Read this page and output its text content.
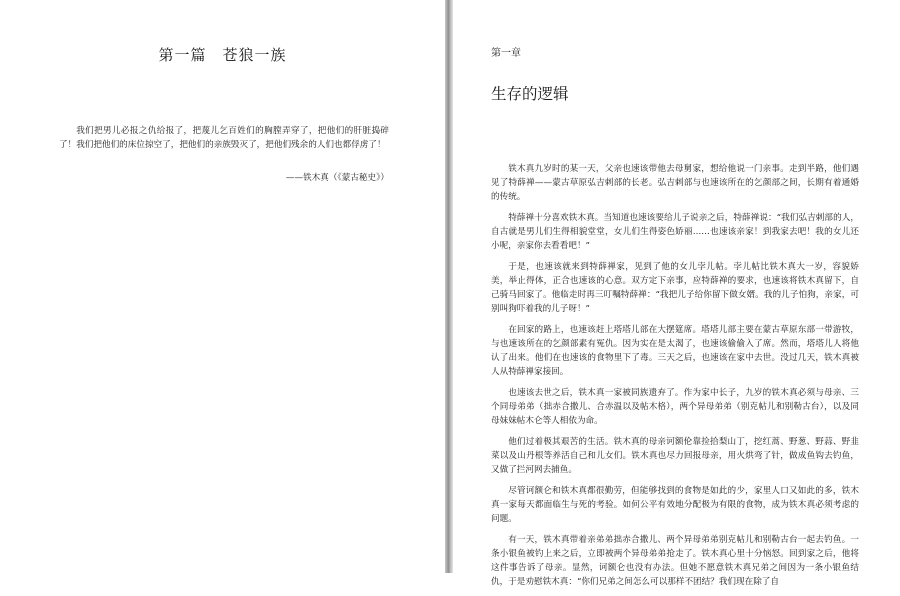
第一篇　苍狼一族

我们把男儿必报之仇给报了，把蔑儿乞百姓们的胸膛弄穿了，把他们的肝脏捣碎了！我们把他们的床位掠空了，把他们的亲族毁灭了，把他们残余的人们也都俘虏了！

——铁木真（《蒙古秘史》）
第一章
生存的逻辑

铁木真九岁时的某一天，父亲也速该带他去母舅家，想给他说一门亲事。走到半路，他们遇见了特薛禅——蒙古草原弘吉剌部的长老。弘吉剌部与也速该所在的乞颜部之间，长期有着通婚的传统。

特薛禅十分喜欢铁木真。当知道也速该要给儿子说亲之后，特薛禅说：“我们弘吉剌部的人，自古就是男儿们生得相貌堂堂，女儿们生得姿色娇丽……也速该亲家！到我家去吧！我的女儿还小呢，亲家你去看看吧！”

于是，也速该就来到特薛禅家，见到了他的女儿孛儿帖。孛儿帖比铁木真大一岁，容貌娇美，举止得体，正合也速该的心意。双方定下亲事，应特薛禅的要求，也速该将铁木真留下，自己骑马回家了。他临走时再三叮嘱特薛禅：“我把儿子给你留下做女婿。我的儿子怕狗，亲家，可别叫狗吓着我的儿子呀！”

在回家的路上，也速该赶上塔塔儿部在大摆筵席。塔塔儿部主要在蒙古草原东部一带游牧，与也速该所在的乞颜部素有冤仇。因为实在是太渴了，也速该偷偷入了席。然而，塔塔儿人将他认了出来。他们在也速该的食物里下了毒。三天之后，也速该在家中去世。没过几天，铁木真被人从特薛禅家接回。

也速该去世之后，铁木真一家被同族遗弃了。作为家中长子，九岁的铁木真必须与母亲、三个同母弟弟（拙赤合撒儿、合赤温以及帖木格），两个异母弟弟（别克帖儿和别勒古台），以及同母妹妹帖木仑等人相依为命。

他们过着极其艰苦的生活。铁木真的母亲诃额伦靠捡拾梨山丁，挖红蒿、野葱、野蒜、野韭菜以及山丹根等养活自己和儿女们。铁木真也尽力回报母亲，用火烘弯了针，做成鱼钩去钓鱼，又做了拦河网去捕鱼。

尽管诃额仑和铁木真都很勤劳，但能够找到的食物是如此的少，家里人口又如此的多，铁木真一家每天都面临生与死的考验。如何公平有效地分配极为有限的食物，成为铁木真必须考虑的问题。

有一天，铁木真带着亲弟弟拙赤合撒儿、两个异母弟弟别克帖儿和别勒古台一起去钓鱼。一条小银鱼被钓上来之后，立即被两个异母弟弟抢走了。铁木真心里十分恼怒。回到家之后，他将这件事告诉了母亲。显然，诃额仑也没有办法。但她不愿意铁木真兄弟之间因为一条小银鱼结仇，于是劝慰铁木真：“你们兄弟之间怎么可以那样不团结？我们现在除了自
